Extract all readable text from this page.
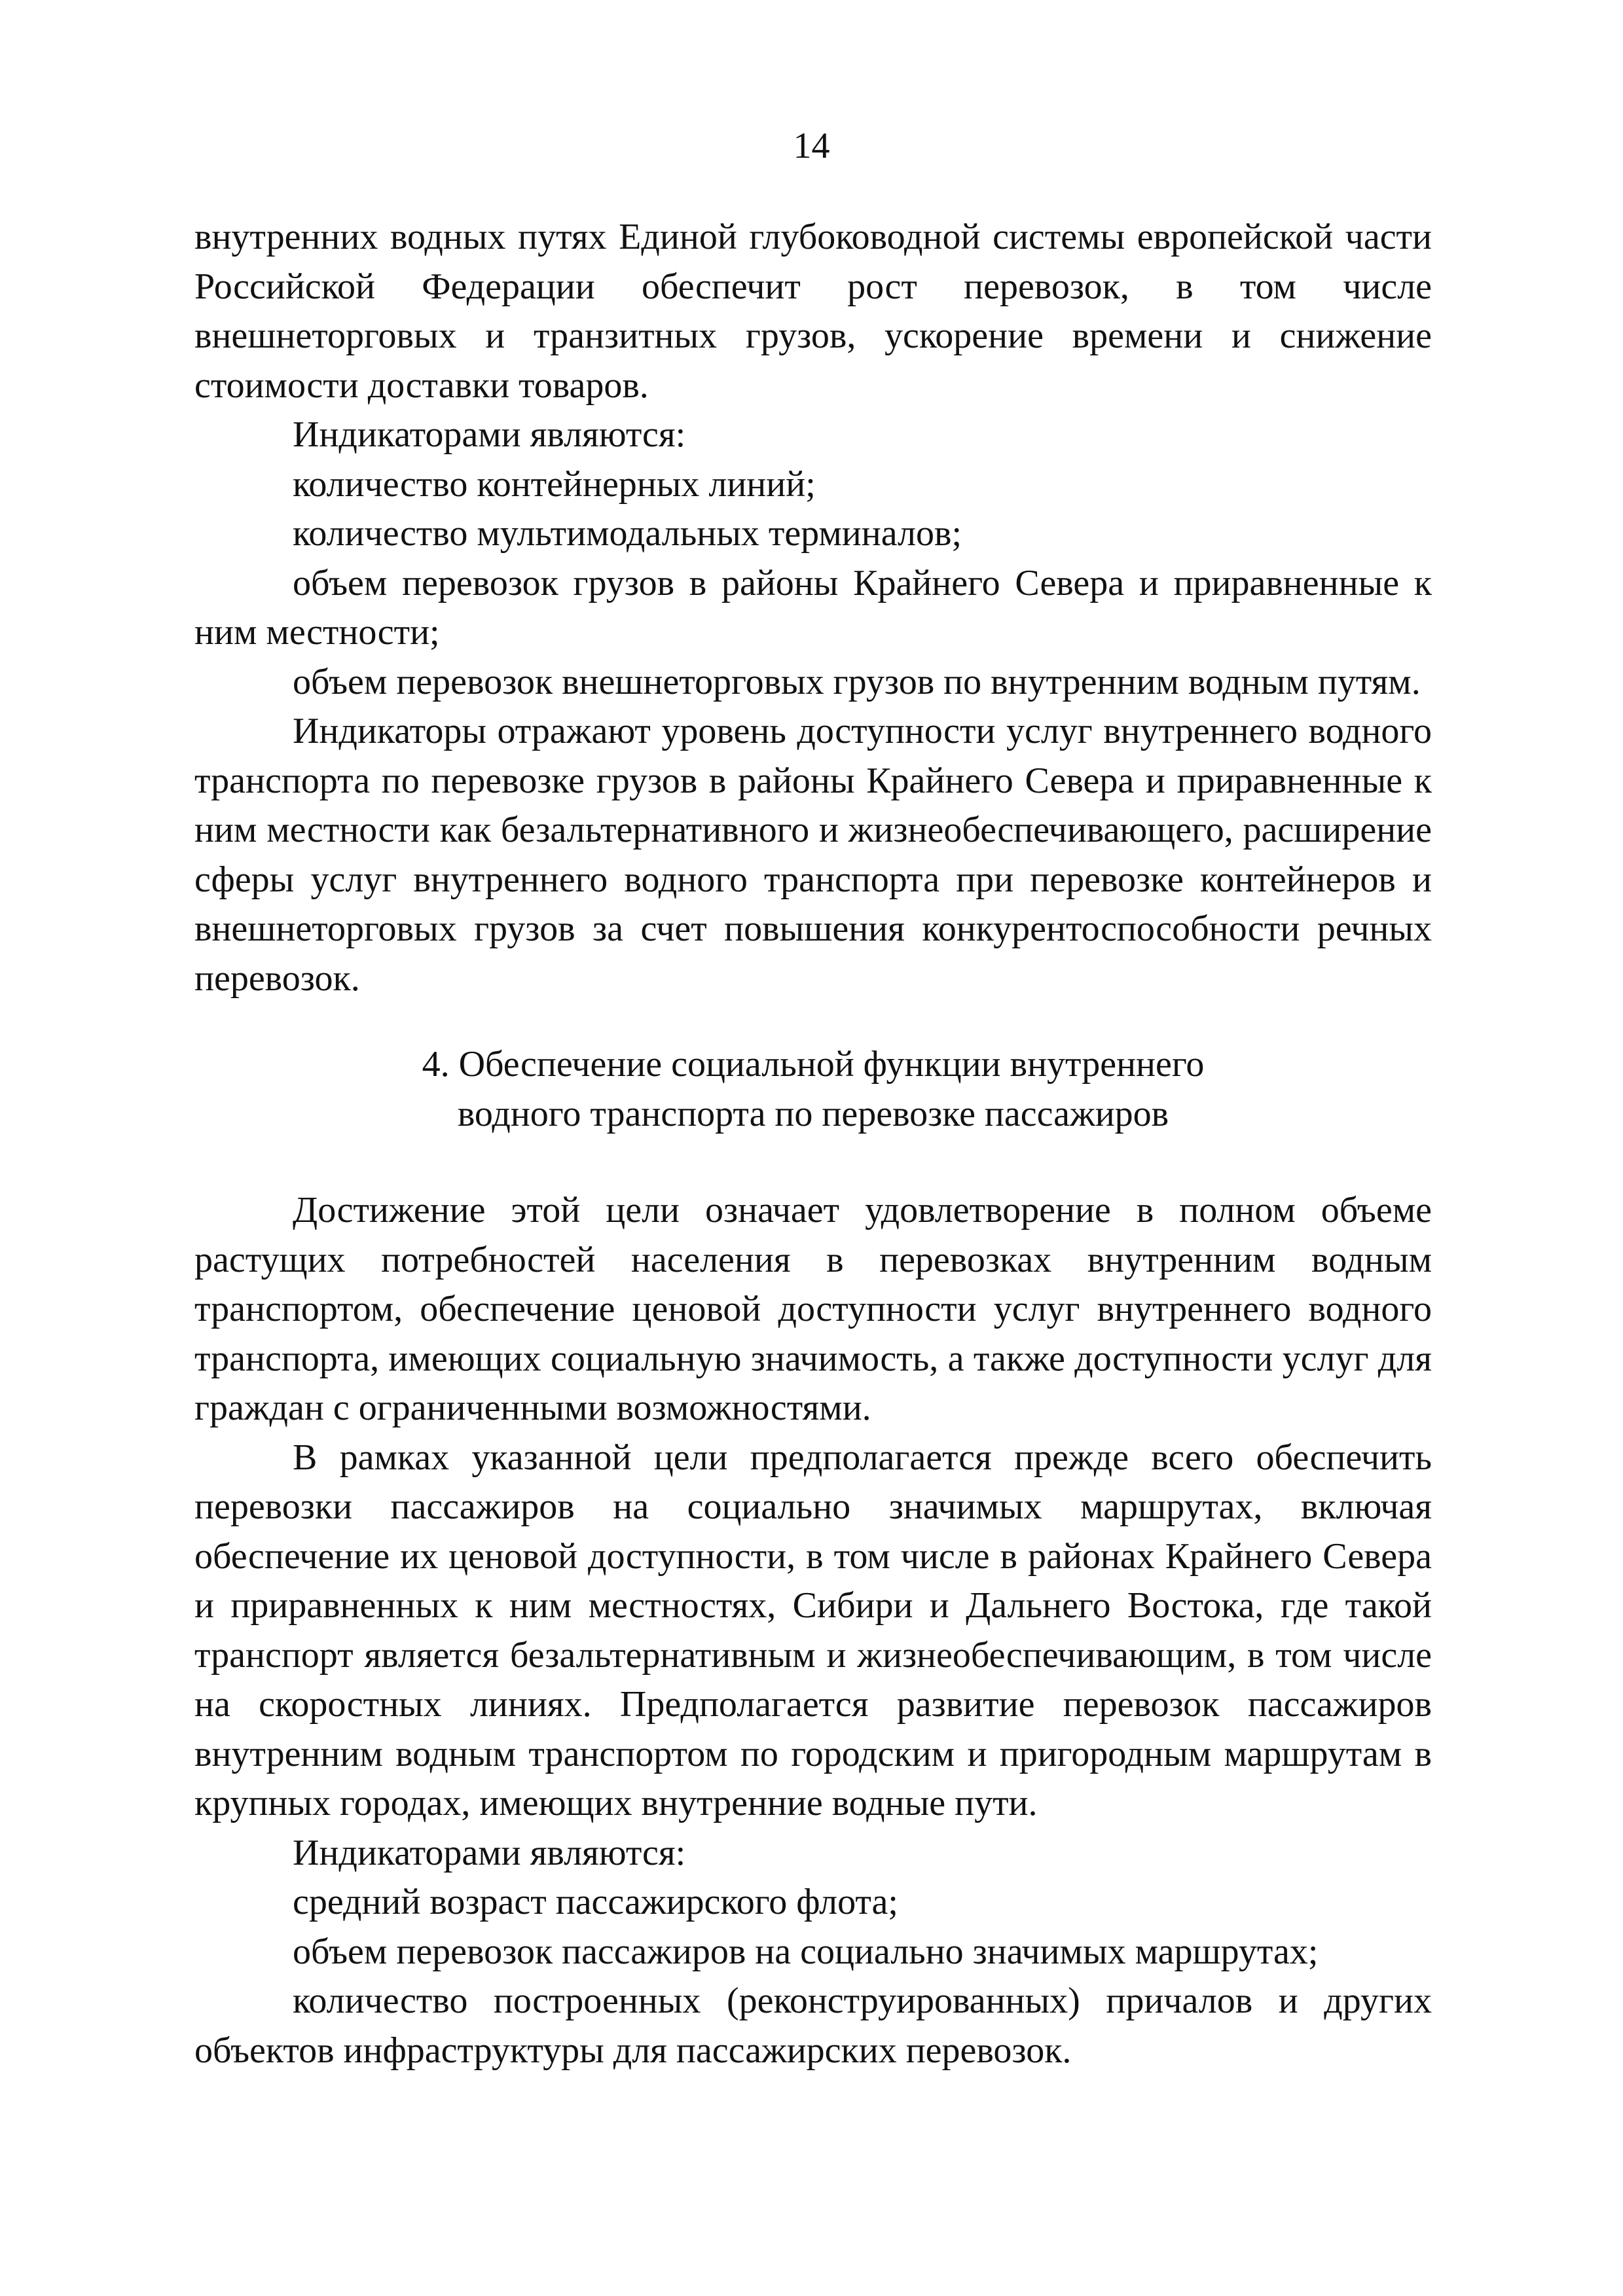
14

внутренних водных путях Единой глубоководной системы европейской части Российской Федерации обеспечит рост перевозок, в том числе внешнеторговых и транзитных грузов, ускорение времени и снижение стоимости доставки товаров.

Индикаторами являются:

количество контейнерных линий;

количество мультимодальных терминалов;

объем перевозок грузов в районы Крайнего Севера и приравненные к ним местности;

объем перевозок внешнеторговых грузов по внутренним водным путям.

Индикаторы отражают уровень доступности услуг внутреннего водного транспорта по перевозке грузов в районы Крайнего Севера и приравненные к ним местности как безальтернативного и жизнеобеспечивающего, расширение сферы услуг внутреннего водного транспорта при перевозке контейнеров и внешнеторговых грузов за счет повышения конкурентоспособности речных перевозок.

4. Обеспечение социальной функции внутреннего
водного транспорта по перевозке пассажиров

Достижение этой цели означает удовлетворение в полном объеме растущих потребностей населения в перевозках внутренним водным транспортом, обеспечение ценовой доступности услуг внутреннего водного транспорта, имеющих социальную значимость, а также доступности услуг для граждан с ограниченными возможностями.

В рамках указанной цели предполагается прежде всего обеспечить перевозки пассажиров на социально значимых маршрутах, включая обеспечение их ценовой доступности, в том числе в районах Крайнего Севера и приравненных к ним местностях, Сибири и Дальнего Востока, где такой транспорт является безальтернативным и жизнеобеспечивающим, в том числе на скоростных линиях. Предполагается развитие перевозок пассажиров внутренним водным транспортом по городским и пригородным маршрутам в крупных городах, имеющих внутренние водные пути.

Индикаторами являются:

средний возраст пассажирского флота;

объем перевозок пассажиров на социально значимых маршрутах;

количество построенных (реконструированных) причалов и других объектов инфраструктуры для пассажирских перевозок.
